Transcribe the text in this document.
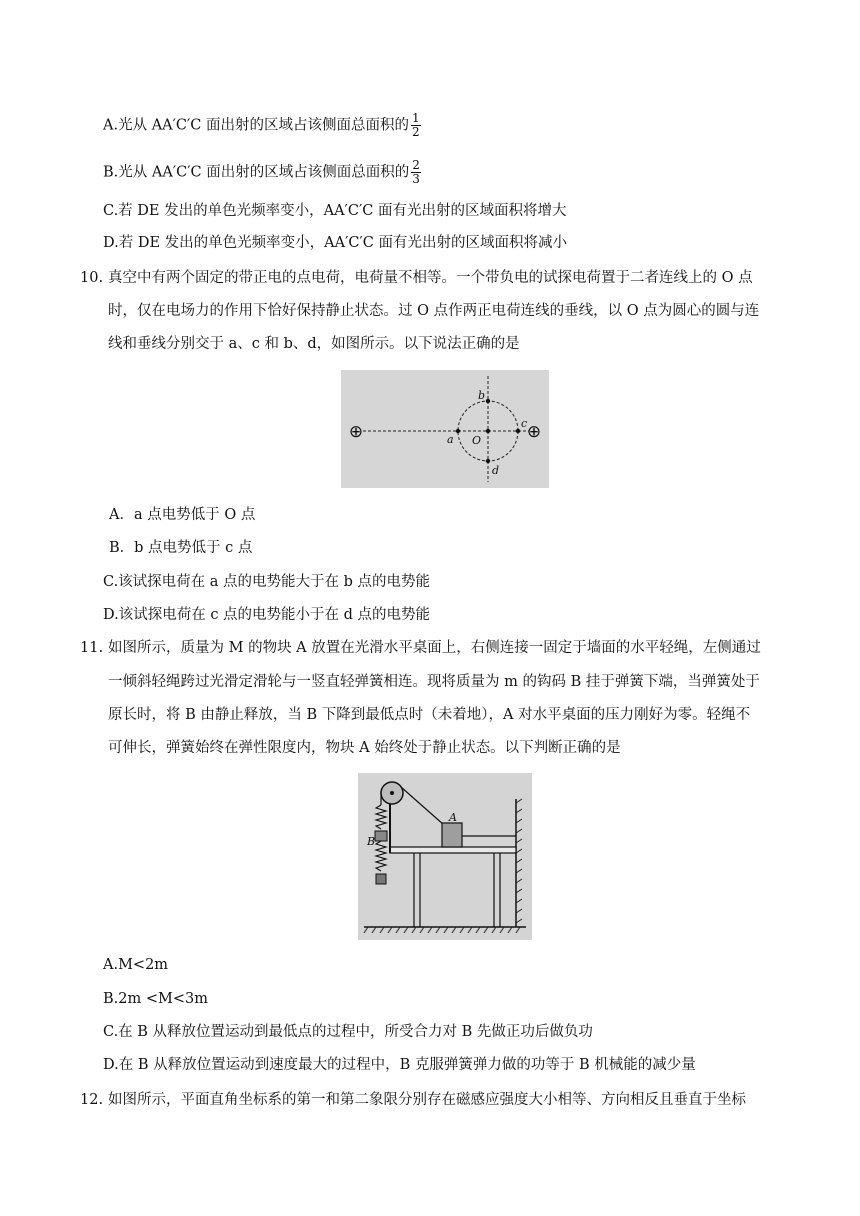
A.光从 AA′C′C 面出射的区域占该侧面总面积的 $\frac{1}{2}$
B.光从 AA′C′C 面出射的区域占该侧面总面积的 $\frac{2}{3}$
C.若 DE 发出的单色光频率变小，AA′C′C 面有光出射的区域面积将增大
D.若 DE 发出的单色光频率变小，AA′C′C 面有光出射的区域面积将减小
10. 真空中有两个固定的带正电的点电荷，电荷量不相等。一个带负电的试探电荷置于二者连线上的 O 点
时，仅在电场力的作用下恰好保持静止状态。过 O 点作两正电荷连线的垂线，以 O 点为圆心的圆与连
线和垂线分别交于 a、c 和 b、d，如图所示。以下说法正确的是
⊕	⊕
a
b
c
d
O
A．a 点电势低于 O 点
B．b 点电势低于 c 点
C.该试探电荷在 a 点的电势能大于在 b 点的电势能
D.该试探电荷在 c 点的电势能小于在 d 点的电势能
11. 如图所示，质量为 M 的物块 A 放置在光滑水平桌面上，右侧连接一固定于墙面的水平轻绳，左侧通过
一倾斜轻绳跨过光滑定滑轮与一竖直轻弹簧相连。现将质量为 m 的钩码 B 挂于弹簧下端，当弹簧处于
原长时，将 B 由静止释放，当 B 下降到最低点时（未着地），A 对水平桌面的压力刚好为零。轻绳不
可伸长，弹簧始终在弹性限度内，物块 A 始终处于静止状态。以下判断正确的是
A
B
A.M<2m
B.2m <M<3m
C.在 B 从释放位置运动到最低点的过程中，所受合力对 B 先做正功后做负功
D.在 B 从释放位置运动到速度最大的过程中，B 克服弹簧弹力做的功等于 B 机械能的减少量
12. 如图所示，平面直角坐标系的第一和第二象限分别存在磁感应强度大小相等、方向相反且垂直于坐标
